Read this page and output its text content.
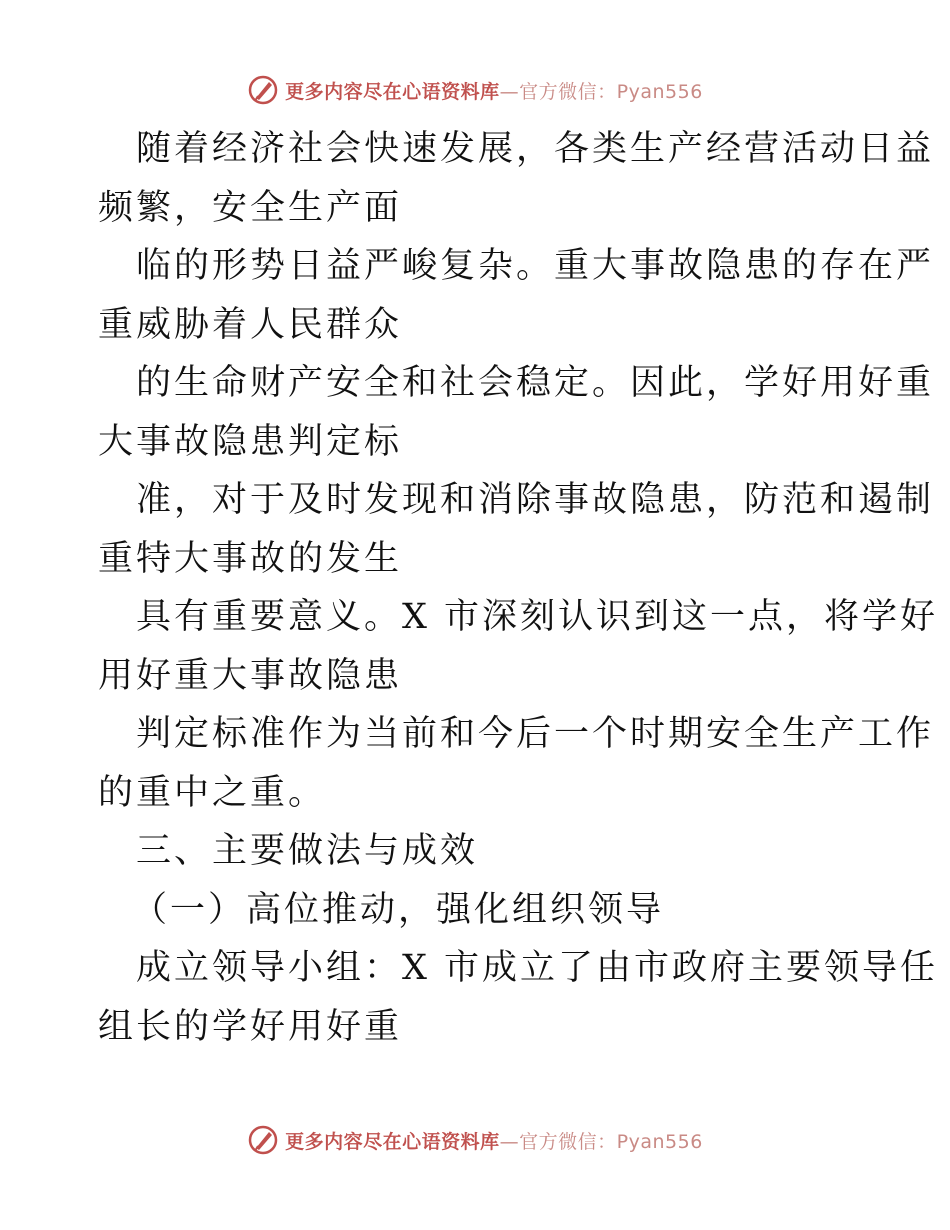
更多内容尽在心语资料库—官方微信：Pyan556
随着经济社会快速发展，各类生产经营活动日益
频繁，安全生产面
临的形势日益严峻复杂。重大事故隐患的存在严
重威胁着人民群众
的生命财产安全和社会稳定。因此，学好用好重
大事故隐患判定标
准，对于及时发现和消除事故隐患，防范和遏制
重特大事故的发生
具有重要意义。X 市深刻认识到这一点，将学好
用好重大事故隐患
判定标准作为当前和今后一个时期安全生产工作
的重中之重。
三、主要做法与成效
（一）高位推动，强化组织领导
成立领导小组：X 市成立了由市政府主要领导任
组长的学好用好重
更多内容尽在心语资料库—官方微信：Pyan556
